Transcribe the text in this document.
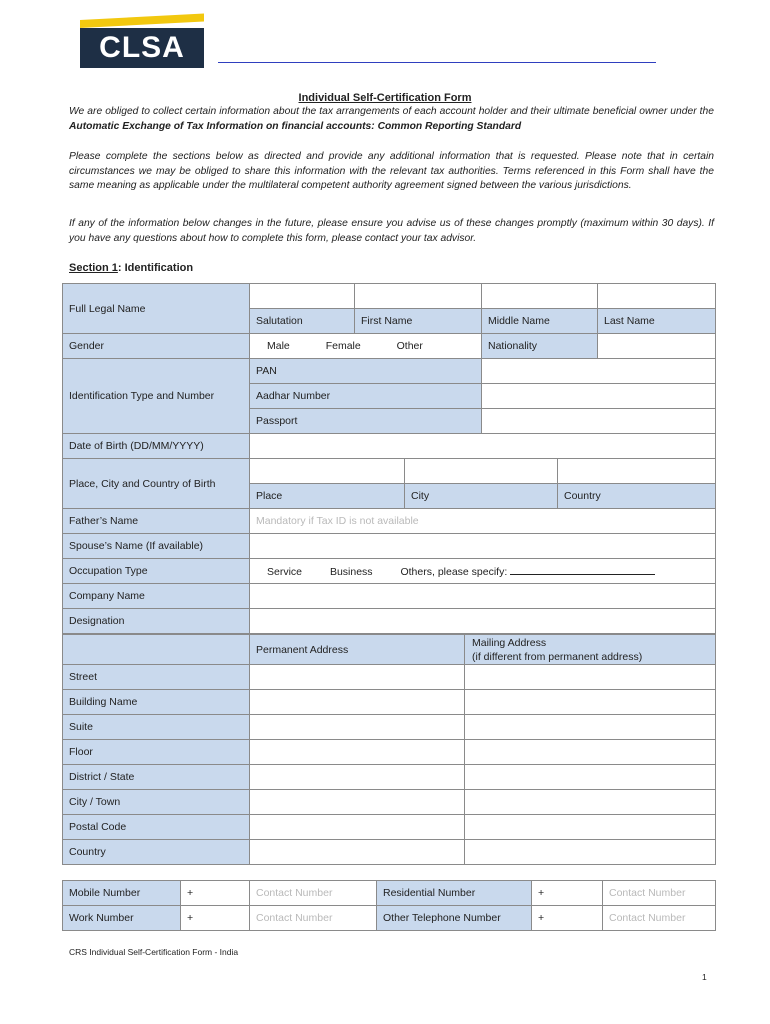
CLSA
Individual Self-Certification Form
We are obliged to collect certain information about the tax arrangements of each account holder and their ultimate beneficial owner under the Automatic Exchange of Tax Information on financial accounts: Common Reporting Standard
Please complete the sections below as directed and provide any additional information that is requested. Please note that in certain circumstances we may be obliged to share this information with the relevant tax authorities. Terms referenced in this Form shall have the same meaning as applicable under the multilateral competent authority agreement signed between the various jurisdictions.
If any of the information below changes in the future, please ensure you advise us of these changes promptly (maximum within 30 days). If you have any questions about how to complete this form, please contact your tax advisor.
Section 1: Identification
Full Legal Name						
	Salutation	First Name		Middle Name		Last Name
Gender	Male Female Other			Nationality		
Identification Type and Number	PAN					
	Aadhar Number					
	Passport					
Date of Birth (DD/MM/YYYY)						
Place, City and Country of Birth						
	Place		City		Country	
Father’s Name	Mandatory if Tax ID is not available					
Spouse’s Name (If available)						
Occupation Type	Service Business Others, please specify:					
Company Name						
Designation						
	Permanent Address	Mailing Address
(if different from permanent address)

Street		
Building Name		
Suite		
Floor		
District / State		
City / Town		
Postal Code		
Country		
Mobile Number	+	Contact Number	Residential Number	+	Contact Number
Work Number	+	Contact Number	Other Telephone Number	+	Contact Number
CRS Individual Self-Certification Form - India
1
